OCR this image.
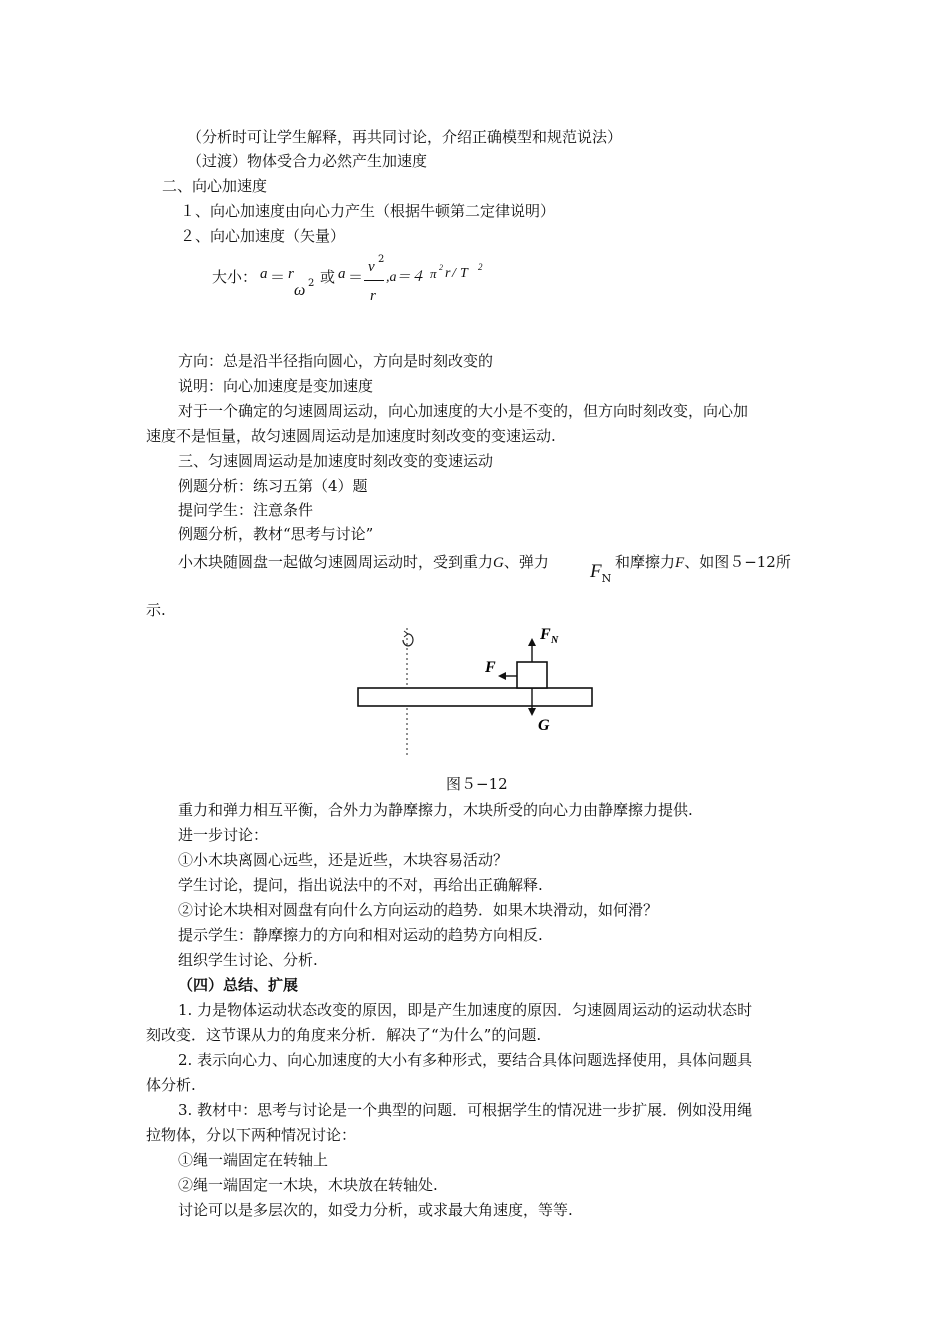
（分析时可让学生解释，再共同讨论，介绍正确模型和规范说法）
（过渡）物体受合力必然产生加速度
二、向心加速度
１、向心加速度由向心力产生（根据牛顿第二定律说明）
２、向心加速度（矢量）
大小： a ＝ r
ω 2 或 a ＝
v 2
r
,a＝４ π 2 r / T 2
方向：总是沿半径指向圆心，方向是时刻改变的
说明：向心加速度是变加速度
对于一个确定的匀速圆周运动，向心加速度的大小是不变的，但方向时刻改变，向心加
速度不是恒量，故匀速圆周运动是加速度时刻改变的变速运动.
三、匀速圆周运动是加速度时刻改变的变速运动
例题分析：练习五第（4）题
提问学生：注意条件
例题分析，教材“思考与讨论”
小木块随圆盘一起做匀速圆周运动时，受到重力G、弹力 $F_N$
和摩擦力F、如图５−12所
示.
F N
F
G
图５−12
重力和弹力相互平衡，合外力为静摩擦力，木块所受的向心力由静摩擦力提供.
进一步讨论：
①小木块离圆心远些，还是近些，木块容易活动？
学生讨论，提问，指出说法中的不对，再给出正确解释.
②讨论木块相对圆盘有向什么方向运动的趋势．如果木块滑动，如何滑？
提示学生：静摩擦力的方向和相对运动的趋势方向相反.
组织学生讨论、分析.
（四）总结、扩展
1. 力是物体运动状态改变的原因，即是产生加速度的原因．匀速圆周运动的运动状态时
刻改变．这节课从力的角度来分析．解决了“为什么”的问题.
2. 表示向心力、向心加速度的大小有多种形式，要结合具体问题选择使用，具体问题具
体分析.
3. 教材中：思考与讨论是一个典型的问题．可根据学生的情况进一步扩展．例如没用绳
拉物体，分以下两种情况讨论：
①绳一端固定在转轴上
②绳一端固定一木块，木块放在转轴处.
讨论可以是多层次的，如受力分析，或求最大角速度，等等.
